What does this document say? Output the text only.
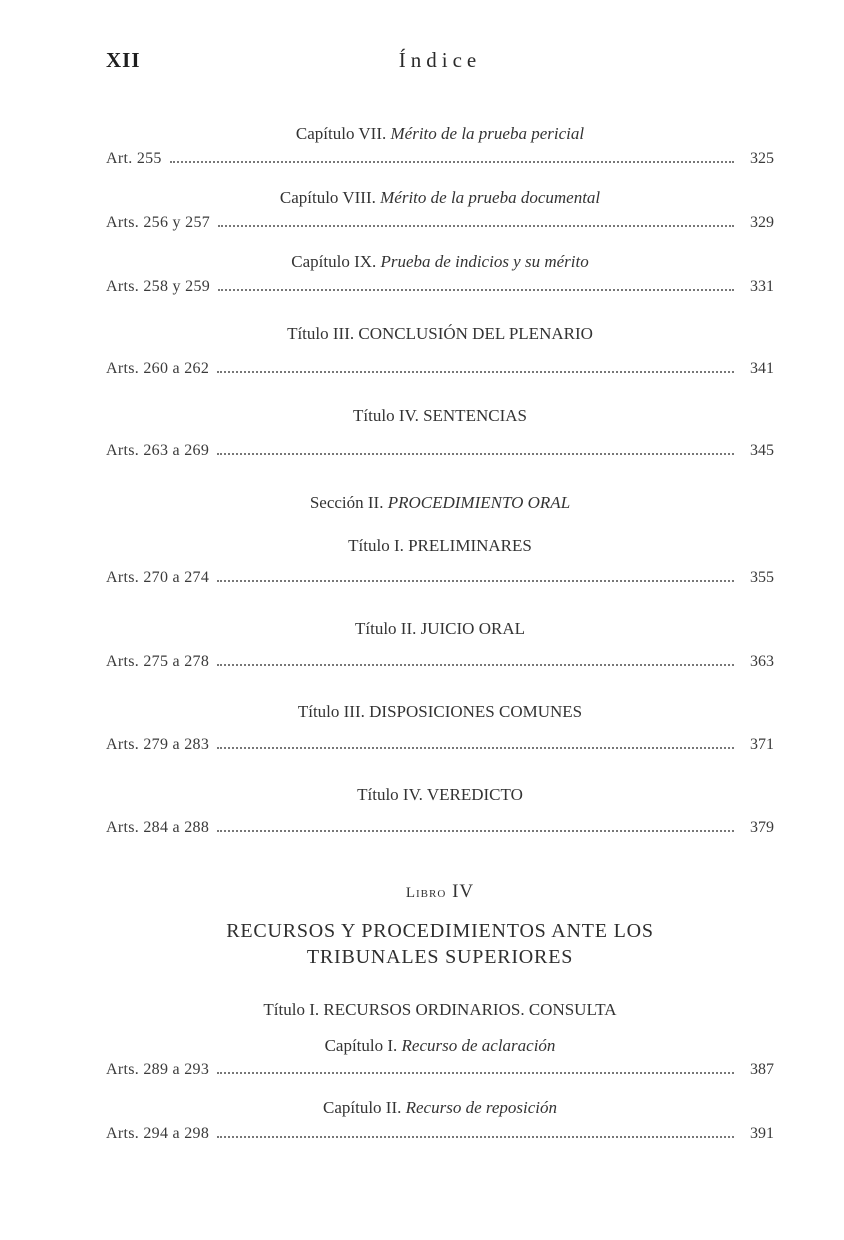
XII	Índice
Capítulo VII. Mérito de la prueba pericial
Art. 255	325
Capítulo VIII. Mérito de la prueba documental
Arts. 256 y 257	329
Capítulo IX. Prueba de indicios y su mérito
Arts. 258 y 259	331
Título III. CONCLUSIÓN DEL PLENARIO
Arts. 260 a 262	341
Título IV. SENTENCIAS
Arts. 263 a 269	345
Sección II. PROCEDIMIENTO ORAL
Título I. PRELIMINARES
Arts. 270 a 274	355
Título II. JUICIO ORAL
Arts. 275 a 278	363
Título III. DISPOSICIONES COMUNES
Arts. 279 a 283	371
Título IV. VEREDICTO
Arts. 284 a 288	379
Libro IV
RECURSOS Y PROCEDIMIENTOS ANTE LOS
TRIBUNALES SUPERIORES
Título I. RECURSOS ORDINARIOS. CONSULTA
Capítulo I. Recurso de aclaración
Arts. 289 a 293	387
Capítulo II. Recurso de reposición
Arts. 294 a 298	391
